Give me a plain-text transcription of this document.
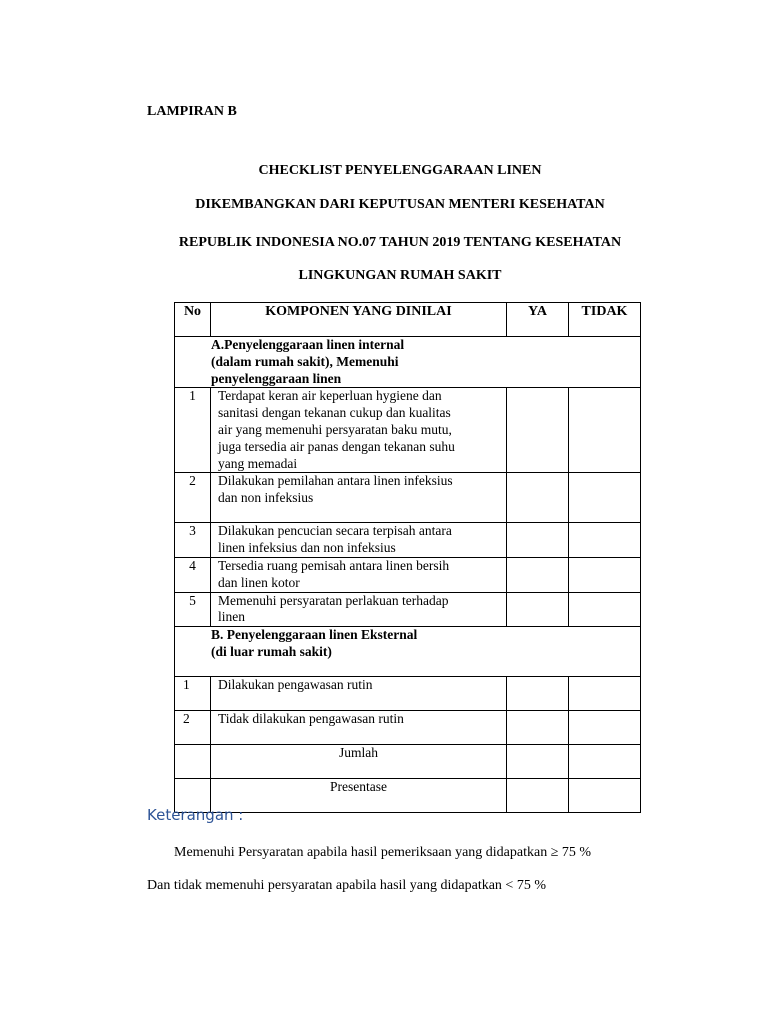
LAMPIRAN B
CHECKLIST PENYELENGGARAAN LINEN
DIKEMBANGKAN DARI KEPUTUSAN MENTERI KESEHATAN
REPUBLIK INDONESIA NO.07 TAHUN 2019 TENTANG KESEHATAN
LINGKUNGAN RUMAH SAKIT
No	KOMPONEN YANG DINILAI	YA	TIDAK

A.Penyelenggaraan linen internal
(dalam rumah sakit), Memenuhi
penyelenggaraan linen			

1	Terdapat keran air keperluan hygiene dan
sanitasi dengan tekanan cukup dan kualitas
air yang memenuhi persyaratan baku mutu,
juga tersedia air panas dengan tekanan suhu
yang memadai		

2	Dilakukan pemilahan antara linen infeksius
dan non infeksius		

3	Dilakukan pencucian secara terpisah antara
linen infeksius dan non infeksius		

4	Tersedia ruang pemisah antara linen bersih
dan linen kotor		

5	Memenuhi persyaratan perlakuan terhadap
linen		

B. Penyelenggaraan linen Eksternal
(di luar rumah sakit)			

1	Dilakukan pengawasan rutin		
2	Tidak dilakukan pengawasan rutin		
	Jumlah		
	Presentase		
Keterangan :
Memenuhi Persyaratan apabila hasil pemeriksaan yang didapatkan ≥ 75 %
Dan tidak memenuhi persyaratan apabila hasil yang didapatkan < 75 %
